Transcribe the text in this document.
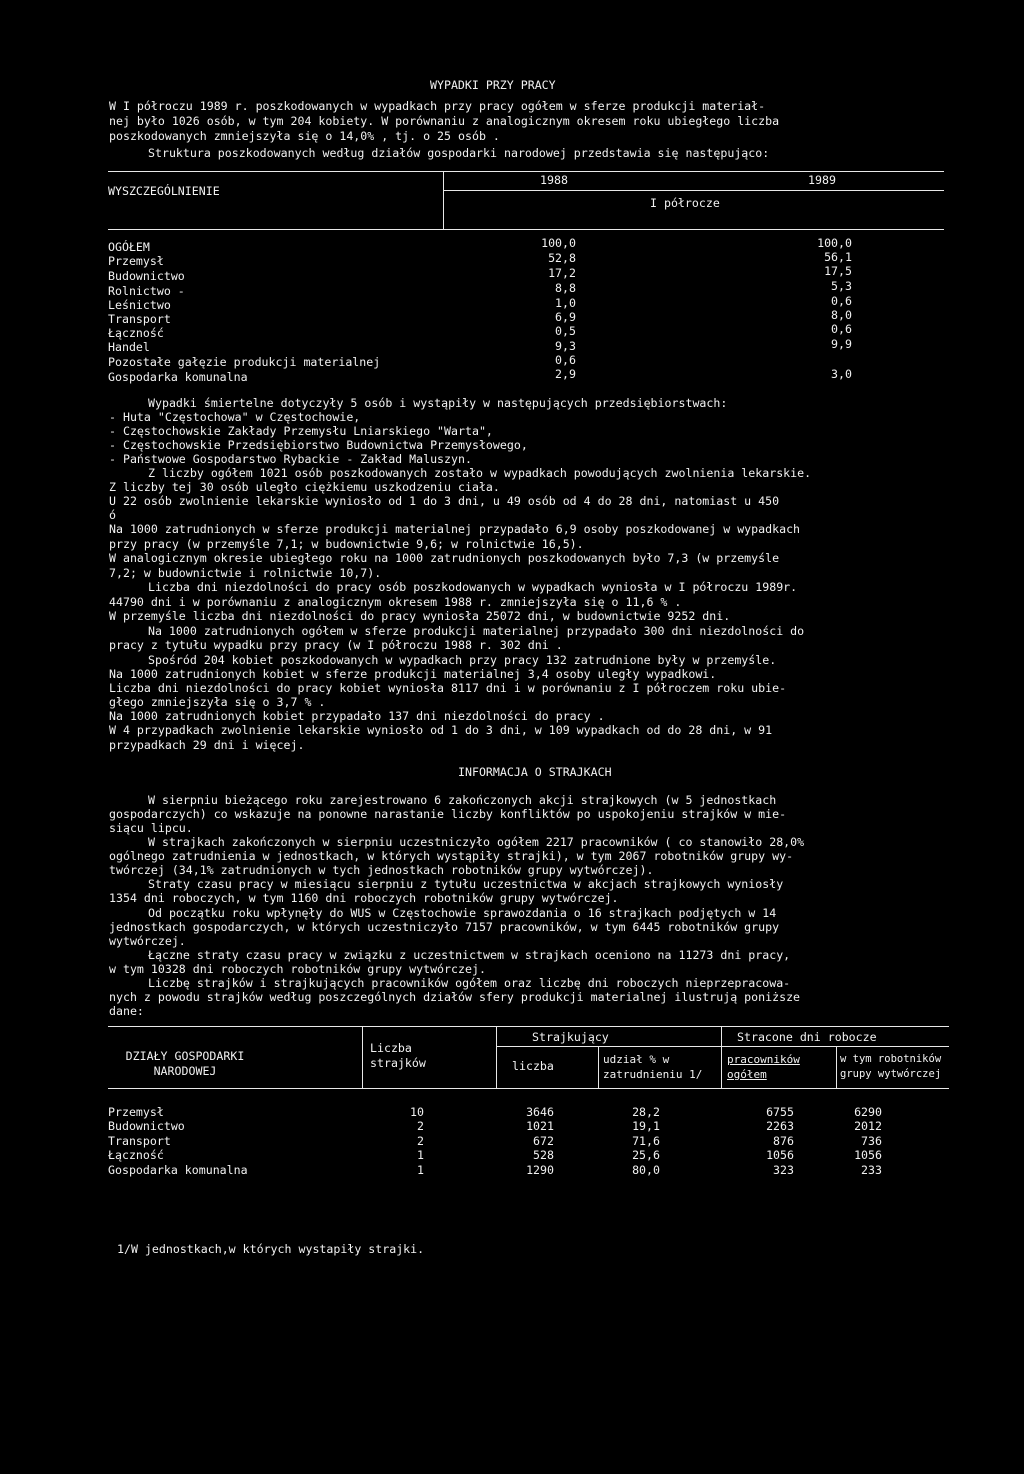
WYPADKI PRZY PRACY
W I półroczu 1989 r. poszkodowanych w wypadkach przy pracy ogółem w sferze produkcji materiał-
nej było 1026 osób, w tym 204 kobiety. W porównaniu z analogicznym okresem roku ubiegłego liczba
poszkodowanych zmniejszyła się o 14,0% , tj. o 25 osób .
Struktura poszkodowanych według działów gospodarki narodowej przedstawia się następująco:
WYSZCZEGÓLNIENIE
1988	1989
I półrocze
OGÓŁEM	100,0	100,0
Przemysł	52,8	56,1
Budownictwo	17,2	17,5
Rolnictwo -	8,8	5,3
Leśnictwo	1,0	0,6
Transport	6,9	8,0
Łączność	0,5	0,6
Handel	9,3	9,9
Pozostałe gałęzie produkcji materialnej	0,6
Gospodarka komunalna	2,9	3,0
Wypadki śmiertelne dotyczyły 5 osób i wystąpiły w następujących przedsiębiorstwach:
- Huta "Częstochowa" w Częstochowie,
- Częstochowskie Zakłady Przemysłu Lniarskiego "Warta",
- Częstochowskie Przedsiębiorstwo Budownictwa Przemysłowego,
- Państwowe Gospodarstwo Rybackie - Zakład Maluszyn.
Z liczby ogółem 1021 osób poszkodowanych zostało w wypadkach powodujących zwolnienia lekarskie.
Z liczby tej 30 osób uległo ciężkiemu uszkodzeniu ciała.
U 22 osób zwolnienie lekarskie wyniosło od 1 do 3 dni, u 49 osób od 4 do 28 dni, natomiast u 450
ó
Na 1000 zatrudnionych w sferze produkcji materialnej przypadało 6,9 osoby poszkodowanej w wypadkach
przy pracy (w przemyśle 7,1; w budownictwie 9,6; w rolnictwie 16,5).
W analogicznym okresie ubiegłego roku na 1000 zatrudnionych poszkodowanych było 7,3 (w przemyśle
7,2; w budownictwie i rolnictwie 10,7).
Liczba dni niezdolności do pracy osób poszkodowanych w wypadkach wyniosła w I półroczu 1989r.
44790 dni i w porównaniu z analogicznym okresem 1988 r. zmniejszyła się o 11,6 % .
W przemyśle liczba dni niezdolności do pracy wyniosła 25072 dni, w budownictwie 9252 dni.
Na 1000 zatrudnionych ogółem w sferze produkcji materialnej przypadało 300 dni niezdolności do
pracy z tytułu wypadku przy pracy (w I półroczu 1988 r. 302 dni .
Spośród 204 kobiet poszkodowanych w wypadkach przy pracy 132 zatrudnione były w przemyśle.
Na 1000 zatrudnionych kobiet w sferze produkcji materialnej 3,4 osoby uległy wypadkowi.
Liczba dni niezdolności do pracy kobiet wyniosła 8117 dni i w porównaniu z I półroczem roku ubie-
głego zmniejszyła się o 3,7 % .
Na 1000 zatrudnionych kobiet przypadało 137 dni niezdolności do pracy .
W 4 przypadkach zwolnienie lekarskie wyniosło od 1 do 3 dni, w 109 wypadkach od do 28 dni, w 91
przypadkach 29 dni i więcej.
INFORMACJA O STRAJKACH
W sierpniu bieżącego roku zarejestrowano 6 zakończonych akcji strajkowych (w 5 jednostkach
gospodarczych) co wskazuje na ponowne narastanie liczby konfliktów po uspokojeniu strajków w mie-
siącu lipcu.
W strajkach zakończonych w sierpniu uczestniczyło ogółem 2217 pracowników ( co stanowiło 28,0%
ogólnego zatrudnienia w jednostkach, w których wystąpiły strajki), w tym 2067 robotników grupy wy-
twórczej (34,1% zatrudnionych w tych jednostkach robotników grupy wytwórczej).
Straty czasu pracy w miesiącu sierpniu z tytułu uczestnictwa w akcjach strajkowych wyniosły
1354 dni roboczych, w tym 1160 dni roboczych robotników grupy wytwórczej.
Od początku roku wpłynęły do WUS w Częstochowie sprawozdania o 16 strajkach podjętych w 14
jednostkach gospodarczych, w których uczestniczyło 7157 pracowników, w tym 6445 robotników grupy
wytwórczej.
Łączne straty czasu pracy w związku z uczestnictwem w strajkach oceniono na 11273 dni pracy,
w tym 10328 dni roboczych robotników grupy wytwórczej.
Liczbę strajków i strajkujących pracowników ogółem oraz liczbę dni roboczych nieprzepracowa-
nych z powodu strajków według poszczególnych działów sfery produkcji materialnej ilustrują poniższe
dane:
DZIAŁY GOSPODARKI NARODOWEJ
Liczba strajków
Strajkujący	Stracone dni robocze
liczba	udział % w zatrudnieniu 1/
pracowników ogółem
w tym robotników grupy wytwórczej
Przemysł	10	3646	28,2	6755	6290
Budownictwo	2	1021	19,1	2263	2012
Transport	2	672	71,6	876	736
Łączność	1	528	25,6	1056	1056
Gospodarka komunalna	1	1290	80,0	323	233
1/W jednostkach,w których wystapiły strajki.
